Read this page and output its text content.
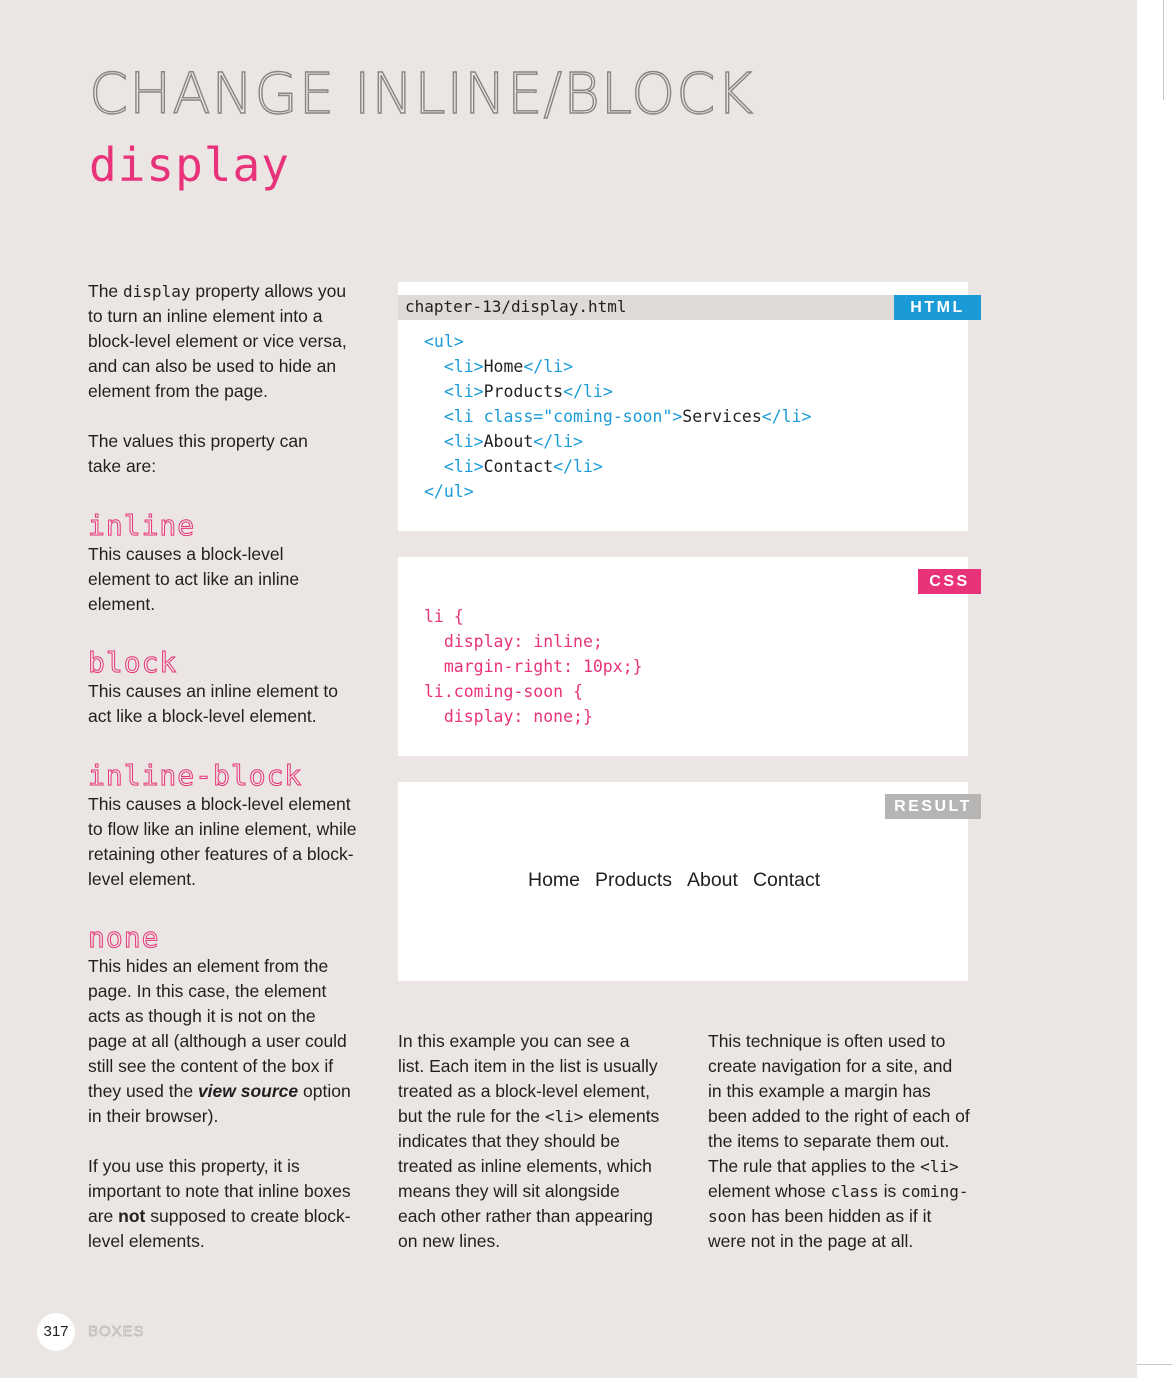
CHANGE INLINE/BLOCK
display

The display property allows you to turn an inline element into a block-level element or vice versa, and can also be used to hide an element from the page.

The values this property can take are:

inline

This causes a block-level element to act like an inline element.

block

This causes an inline element to act like a block-level element.

inline-block

This causes a block-level element to flow like an inline element, while retaining other features of a block-level element.

none

This hides an element from the page. In this case, the element acts as though it is not on the page at all (although a user could still see the content of the box if they used the view source option in their browser).

If you use this property, it is important to note that inline boxes are not supposed to create block-level elements.

chapter-13/display.html	HTML
<ul>
<li>Home</li>
<li>Products</li>
<li class="coming-soon">Services</li>
<li>About</li>
<li>Contact</li>
</ul>
CSS
li {
display: inline;
margin-right: 10px;}
li.coming-soon {
display: none;}
RESULT
Home Products About Contact

In this example you can see a list. Each item in the list is usually treated as a block-level element, but the rule for the <li> elements indicates that they should be treated as inline elements, which means they will sit alongside each other rather than appearing on new lines.

This technique is often used to create navigation for a site, and in this example a margin has been added to the right of each of the items to separate them out. The rule that applies to the <li> element whose class is coming-soon has been hidden as if it were not in the page at all.

317	BOXES
